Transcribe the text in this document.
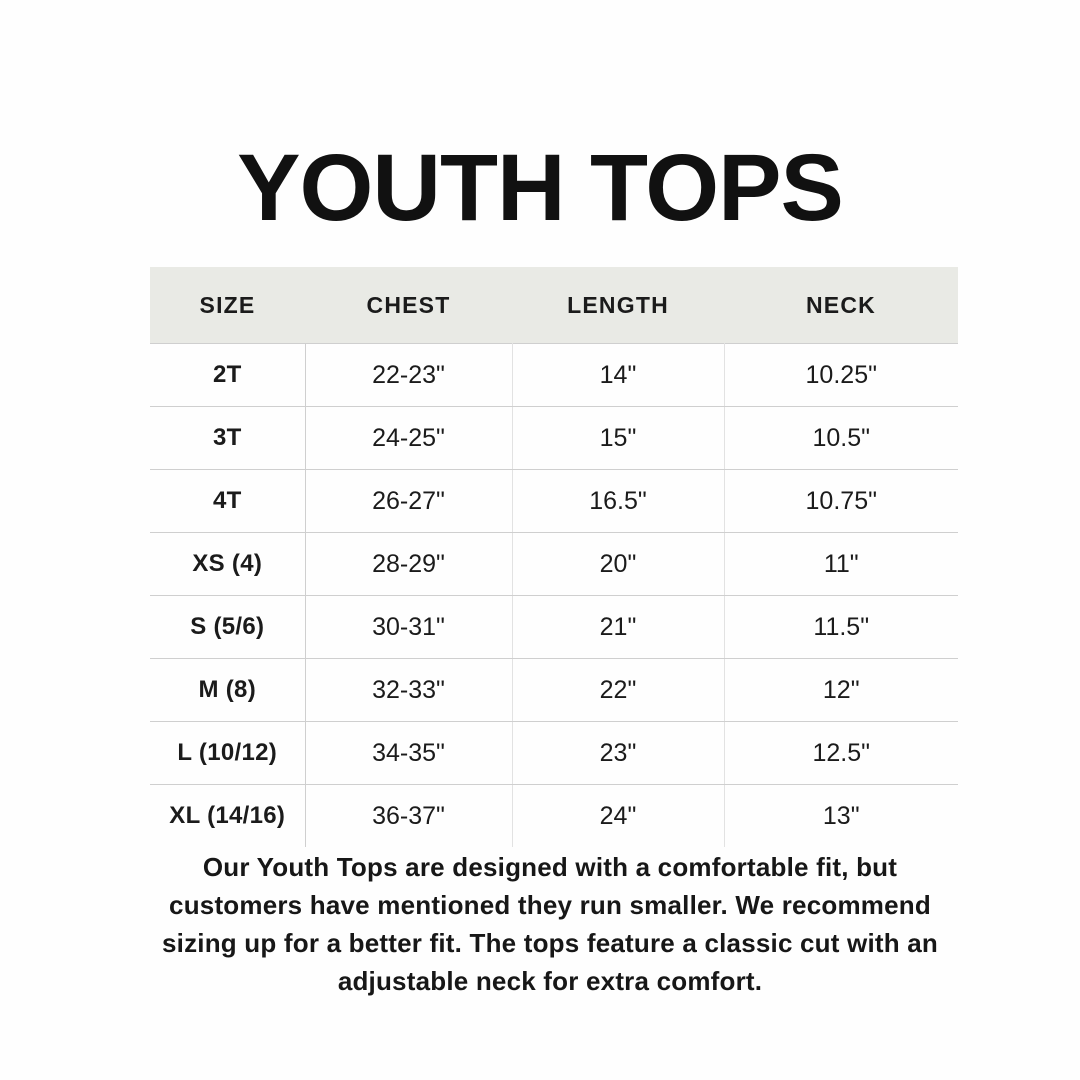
YOUTH TOPS
SIZE	CHEST	LENGTH	NECK
2T	22-23"	14"	10.25"
3T	24-25"	15"	10.5"
4T	26-27"	16.5"	10.75"
XS (4)	28-29"	20"	11"
S (5/6)	30-31"	21"	11.5"
M (8)	32-33"	22"	12"
L (10/12)	34-35"	23"	12.5"
XL (14/16)	36-37"	24"	13"
Our Youth Tops are designed with a comfortable fit, but customers have mentioned they run smaller. We recommend sizing up for a better fit. The tops feature a classic cut with an adjustable neck for extra comfort.
